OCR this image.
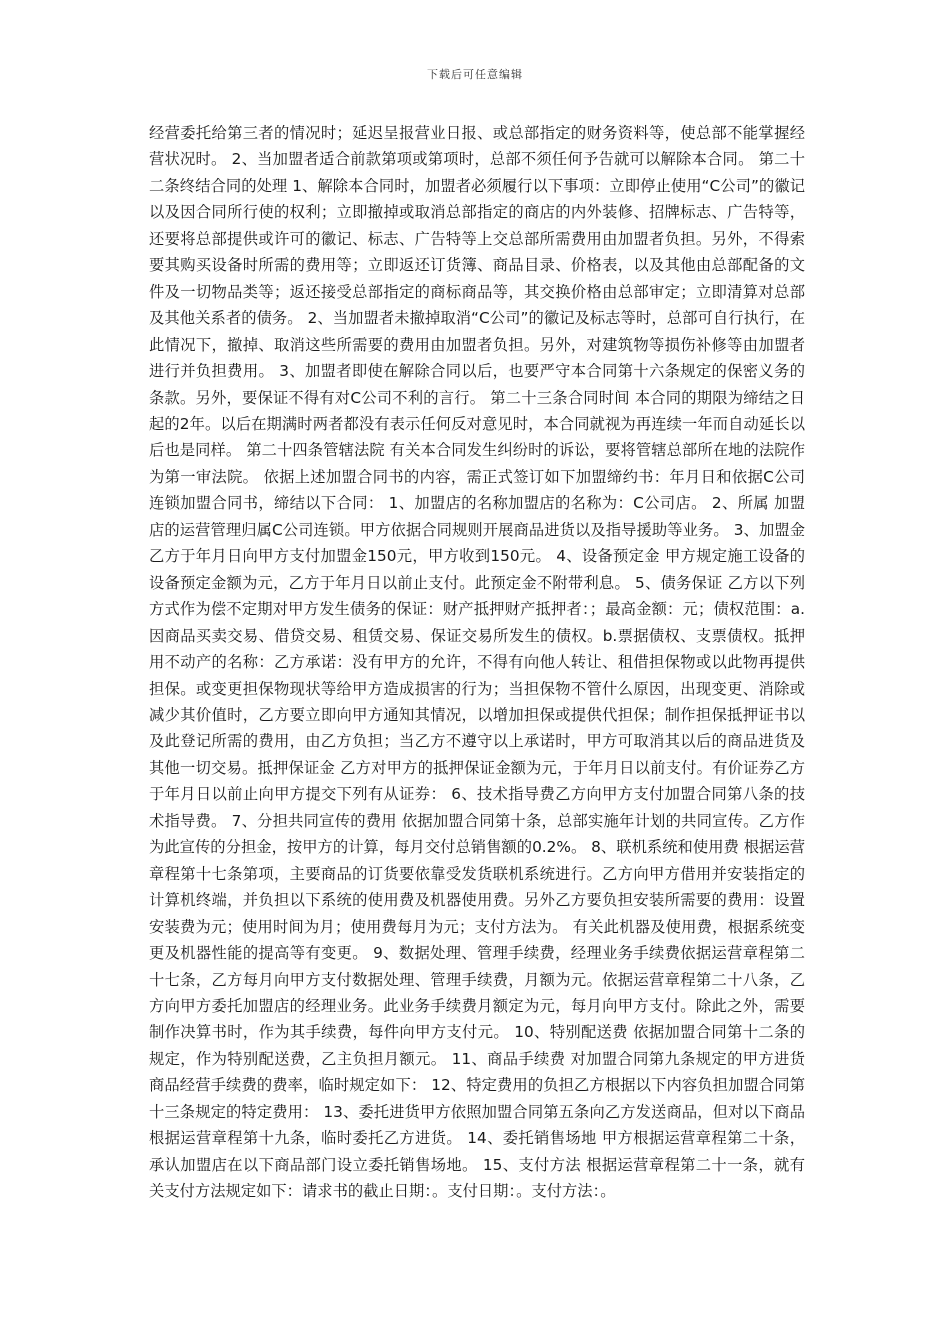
下载后可任意编辑

经营委托给第三者的情况时；延迟呈报营业日报、或总部指定的财务资料等，使总部不能掌握经营状况时。 2、当加盟者适合前款第项或第项时，总部不须任何予告就可以解除本合同。 第二十二条终结合同的处理 1、解除本合同时，加盟者必须履行以下事项：立即停止使用“C公司”的徽记以及因合同所行使的权利；立即撤掉或取消总部指定的商店的内外装修、招牌标志、广告特等，还要将总部提供或许可的徽记、标志、广告特等上交总部所需费用由加盟者负担。另外，不得索要其购买设备时所需的费用等；立即返还订货簿、商品目录、价格表，以及其他由总部配备的文件及一切物品类等；返还接受总部指定的商标商品等，其交换价格由总部审定；立即清算对总部及其他关系者的债务。 2、当加盟者未撤掉取消“C公司”的徽记及标志等时，总部可自行执行，在此情况下，撤掉、取消这些所需要的费用由加盟者负担。另外，对建筑物等损伤补修等由加盟者进行并负担费用。 3、加盟者即使在解除合同以后，也要严守本合同第十六条规定的保密义务的条款。另外，要保证不得有对C公司不利的言行。 第二十三条合同时间 本合同的期限为缔结之日起的2年。以后在期满时两者都没有表示任何反对意见时，本合同就视为再连续一年而自动延长以后也是同样。 第二十四条管辖法院 有关本合同发生纠纷时的诉讼，要将管辖总部所在地的法院作为第一审法院。 依据上述加盟合同书的内容，需正式签订如下加盟缔约书：年月日和依据C公司连锁加盟合同书，缔结以下合同： 1、加盟店的名称加盟店的名称为：C公司店。 2、所属 加盟店的运营管理归属C公司连锁。甲方依据合同规则开展商品进货以及指导援助等业务。 3、加盟金 乙方于年月日向甲方支付加盟金150元，甲方收到150元。 4、设备预定金 甲方规定施工设备的设备预定金额为元，乙方于年月日以前止支付。此预定金不附带利息。 5、债务保证 乙方以下列方式作为偿不定期对甲方发生债务的保证：财产抵押财产抵押者：；最高金额：元；债权范围：a.因商品买卖交易、借贷交易、租赁交易、保证交易所发生的债权。b.票据债权、支票债权。抵押用不动产的名称：乙方承诺：没有甲方的允许，不得有向他人转让、租借担保物或以此物再提供担保。或变更担保物现状等给甲方造成损害的行为；当担保物不管什么原因，出现变更、消除或减少其价值时，乙方要立即向甲方通知其情况，以增加担保或提供代担保；制作担保抵押证书以及此登记所需的费用，由乙方负担；当乙方不遵守以上承诺时，甲方可取消其以后的商品进货及其他一切交易。抵押保证金 乙方对甲方的抵押保证金额为元，于年月日以前支付。有价证券乙方于年月日以前止向甲方提交下列有从证券： 6、技术指导费乙方向甲方支付加盟合同第八条的技术指导费。 7、分担共同宣传的费用 依据加盟合同第十条，总部实施年计划的共同宣传。乙方作为此宣传的分担金，按甲方的计算，每月交付总销售额的0.2%。 8、联机系统和使用费 根据运营章程第十七条第项，主要商品的订货要依靠受发货联机系统进行。乙方向甲方借用并安装指定的计算机终端，并负担以下系统的使用费及机器使用费。另外乙方要负担安装所需要的费用：设置安装费为元；使用时间为月；使用费每月为元；支付方法为。 有关此机器及使用费，根据系统变更及机器性能的提高等有变更。 9、数据处理、管理手续费，经理业务手续费依据运营章程第二十七条，乙方每月向甲方支付数据处理、管理手续费，月额为元。依据运营章程第二十八条，乙方向甲方委托加盟店的经理业务。此业务手续费月额定为元，每月向甲方支付。除此之外，需要制作决算书时，作为其手续费，每件向甲方支付元。 10、特别配送费 依据加盟合同第十二条的规定，作为特别配送费，乙主负担月额元。 11、商品手续费 对加盟合同第九条规定的甲方进货商品经营手续费的费率，临时规定如下： 12、特定费用的负担乙方根据以下内容负担加盟合同第十三条规定的特定费用： 13、委托进货甲方依照加盟合同第五条向乙方发送商品，但对以下商品根据运营章程第十九条，临时委托乙方进货。 14、委托销售场地 甲方根据运营章程第二十条，承认加盟店在以下商品部门设立委托销售场地。 15、支付方法 根据运营章程第二十一条，就有关支付方法规定如下：请求书的截止日期：。支付日期：。支付方法：。
